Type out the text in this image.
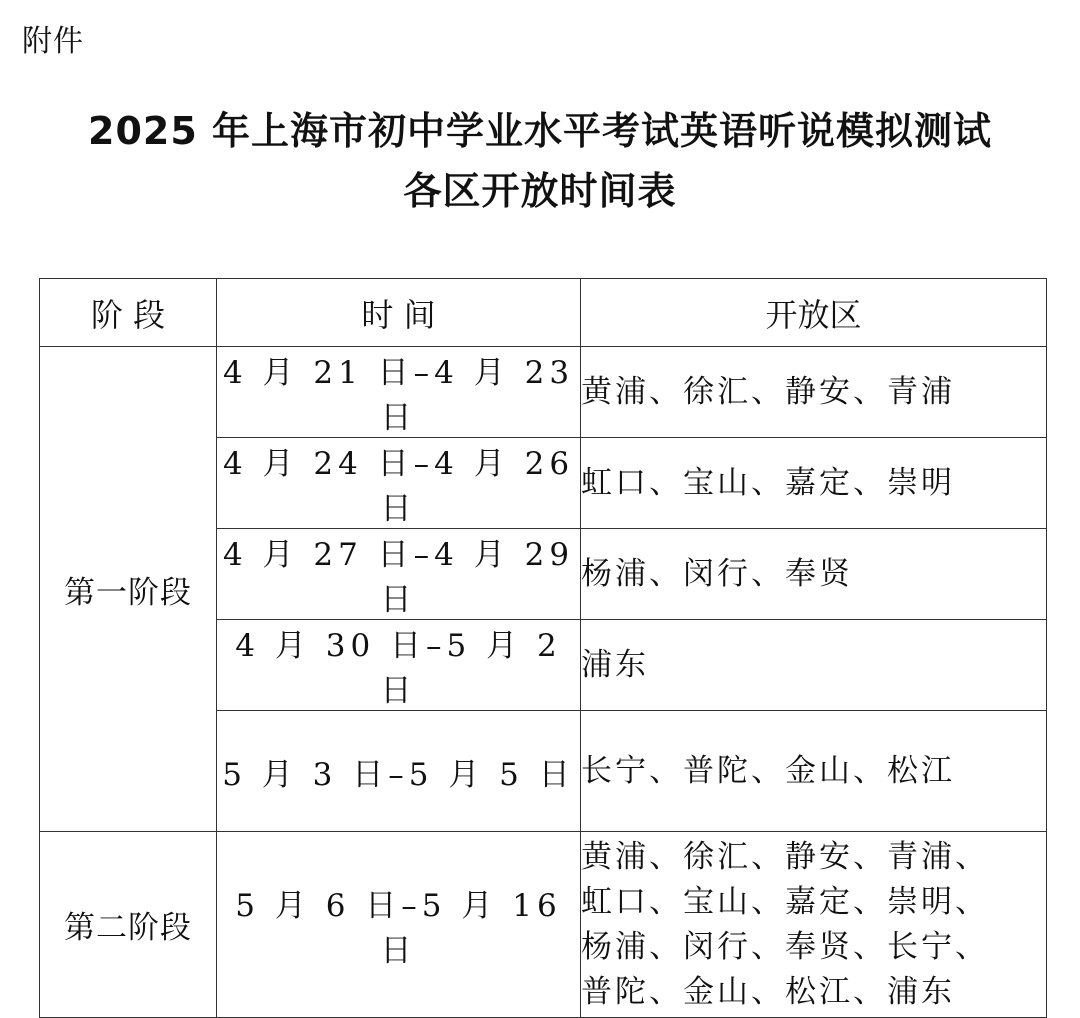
附件
2025 年上海市初中学业水平考试英语听说模拟测试
各区开放时间表
阶 段	时 间	开放区
第一阶段	4 月 21 日–4 月 23 日	黄浦、徐汇、静安、青浦
	4 月 24 日–4 月 26 日	虹口、宝山、嘉定、崇明
	4 月 27 日–4 月 29 日	杨浦、闵行、奉贤
	4 月 30 日–5 月 2 日	浦东
	5 月 3 日–5 月 5 日	长宁、普陀、金山、松江
第二阶段	5 月 6 日–5 月 16 日	黄浦、徐汇、静安、青浦、
虹口、宝山、嘉定、崇明、
杨浦、闵行、奉贤、长宁、
普陀、金山、松江、浦东
